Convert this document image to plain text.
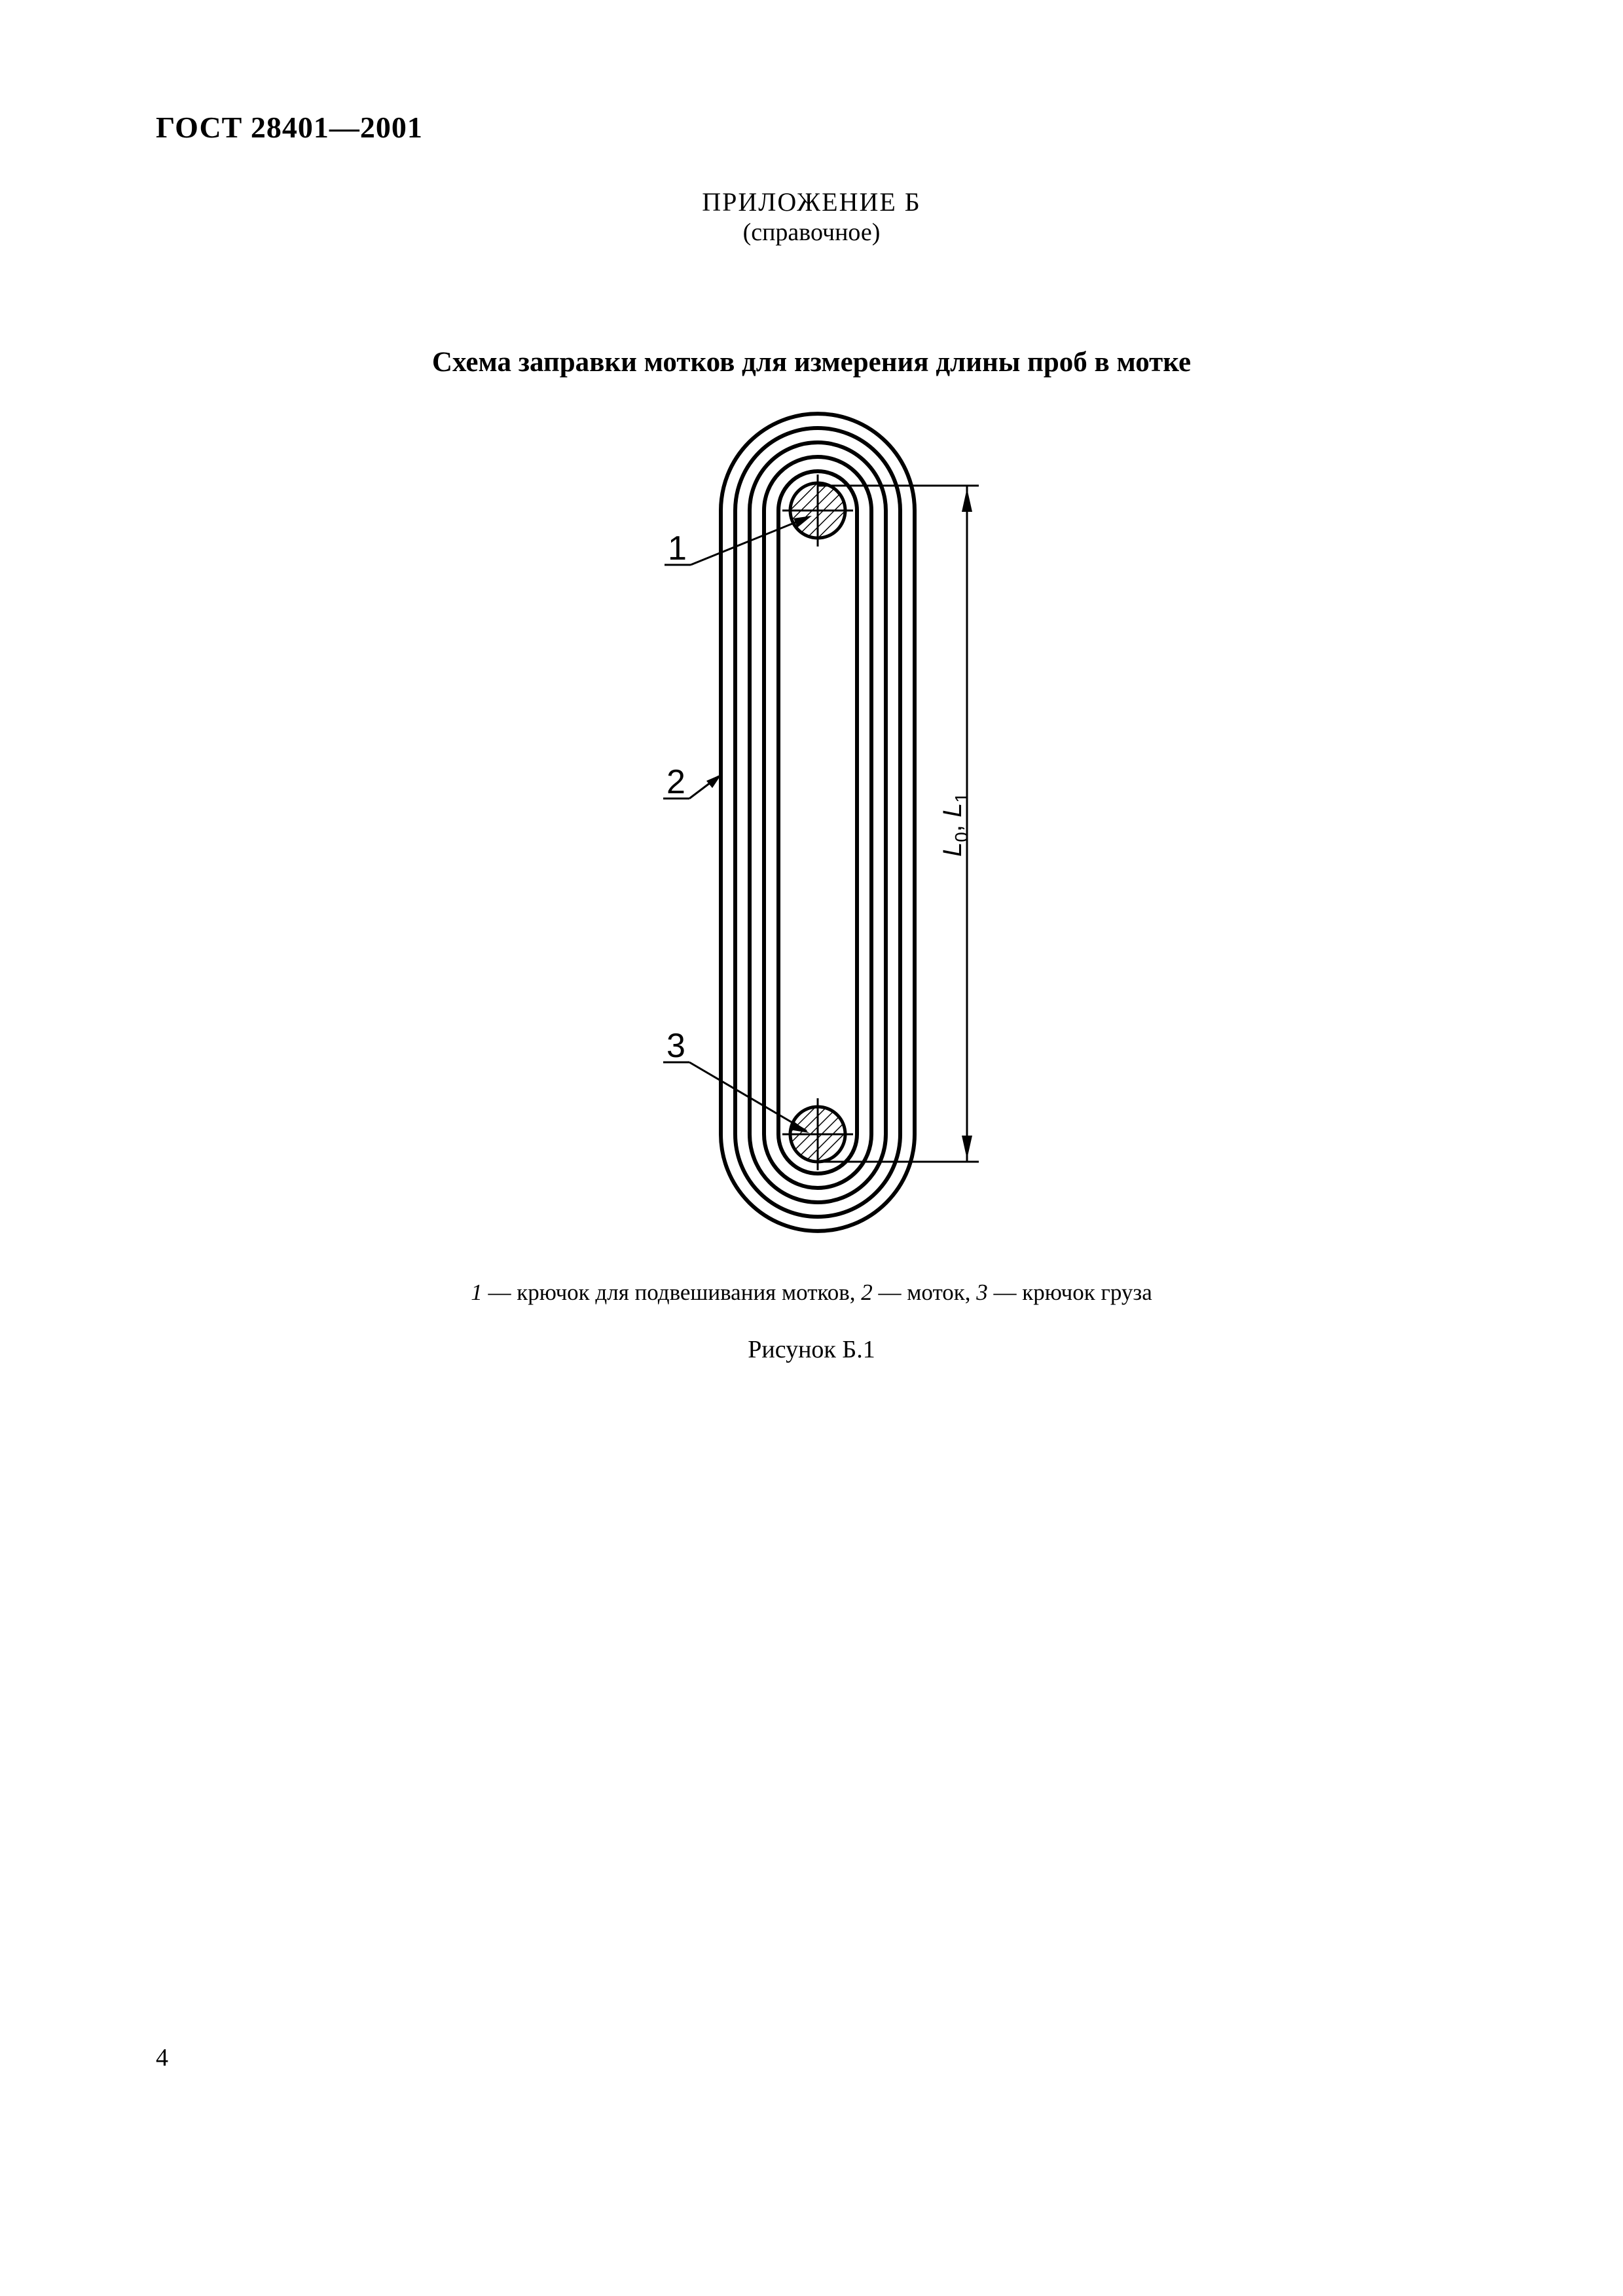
ГОСТ 28401—2001
ПРИЛОЖЕНИЕ Б
(справочное)
Схема заправки мотков для измерения длины проб в мотке
$L_0$, $L_1$
1
2
3
1 — крючок для подвешивания мотков, 2 — моток, 3 — крючок груза
Рисунок Б.1
4
